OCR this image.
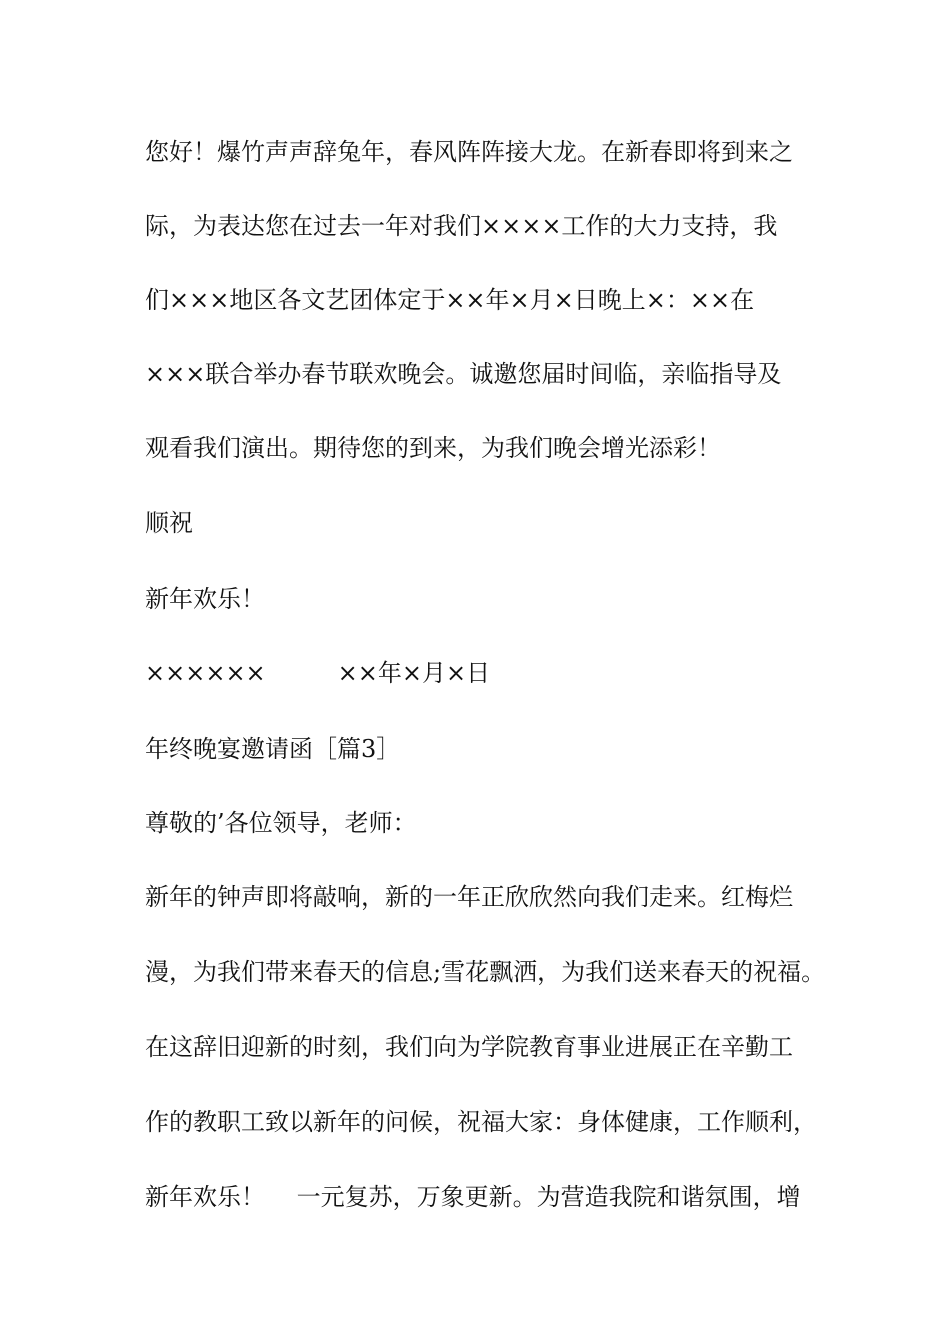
您好！爆竹声声辞兔年，春风阵阵接大龙。在新春即将到来之
际，为表达您在过去一年对我们××××工作的大力支持，我
们×××地区各文艺团体定于××年×月×日晚上×：××在
×××联合举办春节联欢晚会。诚邀您届时间临，亲临指导及
观看我们演出。期待您的到来，为我们晚会增光添彩！
顺祝
新年欢乐！
××××××　　　××年×月×日
年终晚宴邀请函［篇3］
尊敬的’各位领导，老师：
新年的钟声即将敲响，新的一年正欣欣然向我们走来。红梅烂
漫，为我们带来春天的信息;雪花飘洒，为我们送来春天的祝福。
在这辞旧迎新的时刻，我们向为学院教育事业进展正在辛勤工
作的教职工致以新年的问候，祝福大家：身体健康，工作顺利，
新年欢乐！　 一元复苏，万象更新。为营造我院和谐氛围，增
